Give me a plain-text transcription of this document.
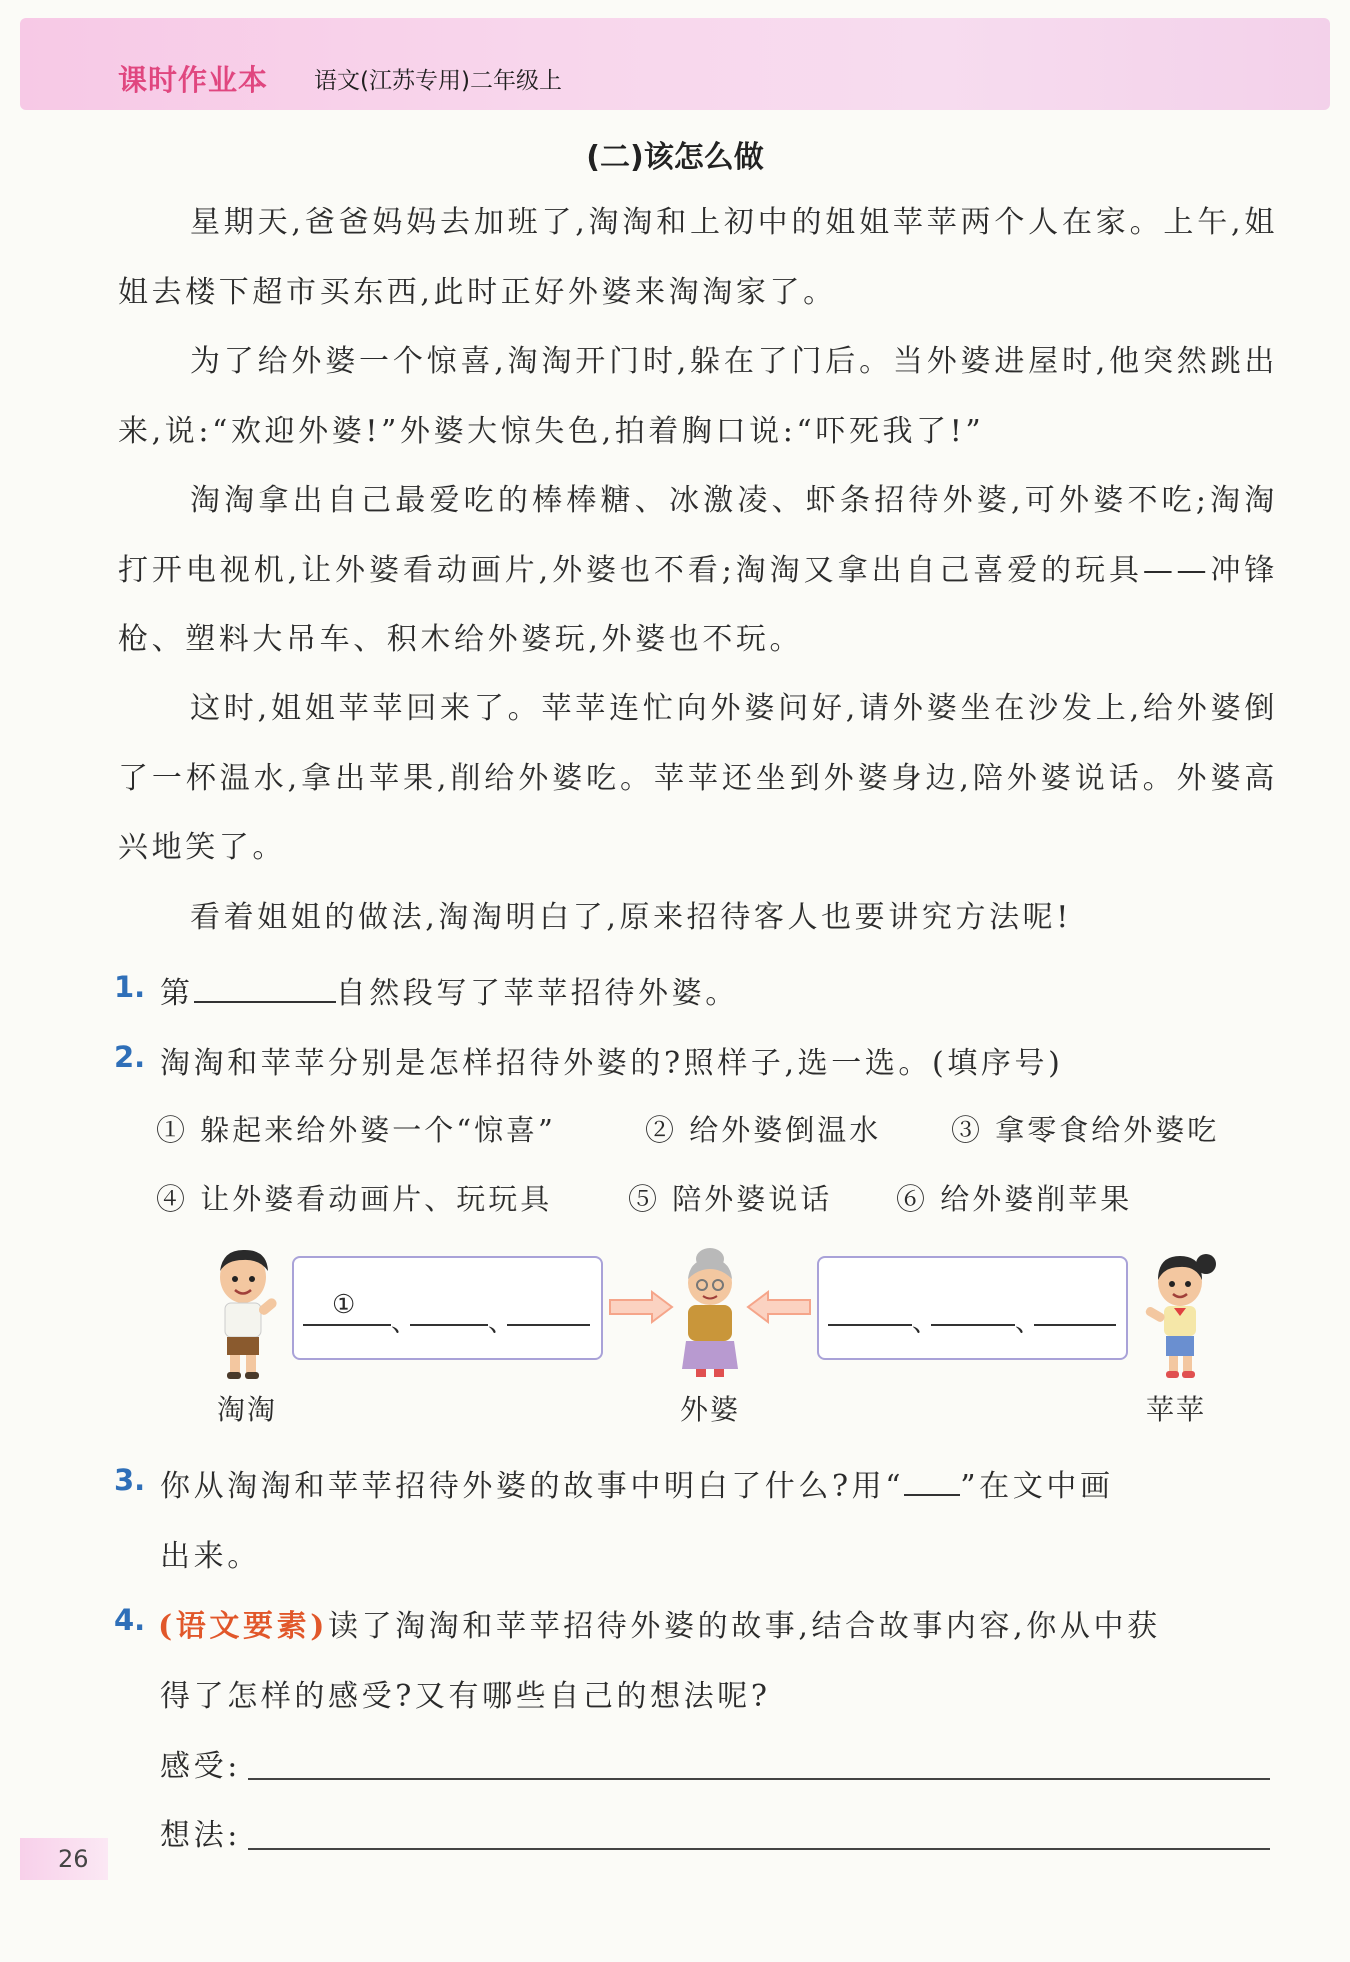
课时作业本 语文(江苏专用)二年级上
(二)该怎么做
星期天,爸爸妈妈去加班了,淘淘和上初中的姐姐苹苹两个人在家。上午,姐姐去楼下超市买东西,此时正好外婆来淘淘家了。
为了给外婆一个惊喜,淘淘开门时,躲在了门后。当外婆进屋时,他突然跳出来,说:“欢迎外婆!”外婆大惊失色,拍着胸口说:“吓死我了!”
淘淘拿出自己最爱吃的棒棒糖、冰激凌、虾条招待外婆,可外婆不吃;淘淘打开电视机,让外婆看动画片,外婆也不看;淘淘又拿出自己喜爱的玩具——冲锋枪、塑料大吊车、积木给外婆玩,外婆也不玩。
这时,姐姐苹苹回来了。苹苹连忙向外婆问好,请外婆坐在沙发上,给外婆倒了一杯温水,拿出苹果,削给外婆吃。苹苹还坐到外婆身边,陪外婆说话。外婆高兴地笑了。
看着姐姐的做法,淘淘明白了,原来招待客人也要讲究方法呢!
1. 第	自然段写了苹苹招待外婆。
2. 淘淘和苹苹分别是怎样招待外婆的?照样子,选一选。(填序号)
① 躲起来给外婆一个“惊喜”	② 给外婆倒温水 ③ 拿零食给外婆吃
④ 让外婆看动画片、玩玩具	⑤ 陪外婆说话 ⑥ 给外婆削苹果
①
、	、	、	、
淘淘	外婆	苹苹
3. 你从淘淘和苹苹招待外婆的故事中明白了什么?用“ ”在文中画
出来。
4. (语文要素)读了淘淘和苹苹招待外婆的故事,结合故事内容,你从中获
得了怎样的感受?又有哪些自己的想法呢?
感受:
想法:
26
